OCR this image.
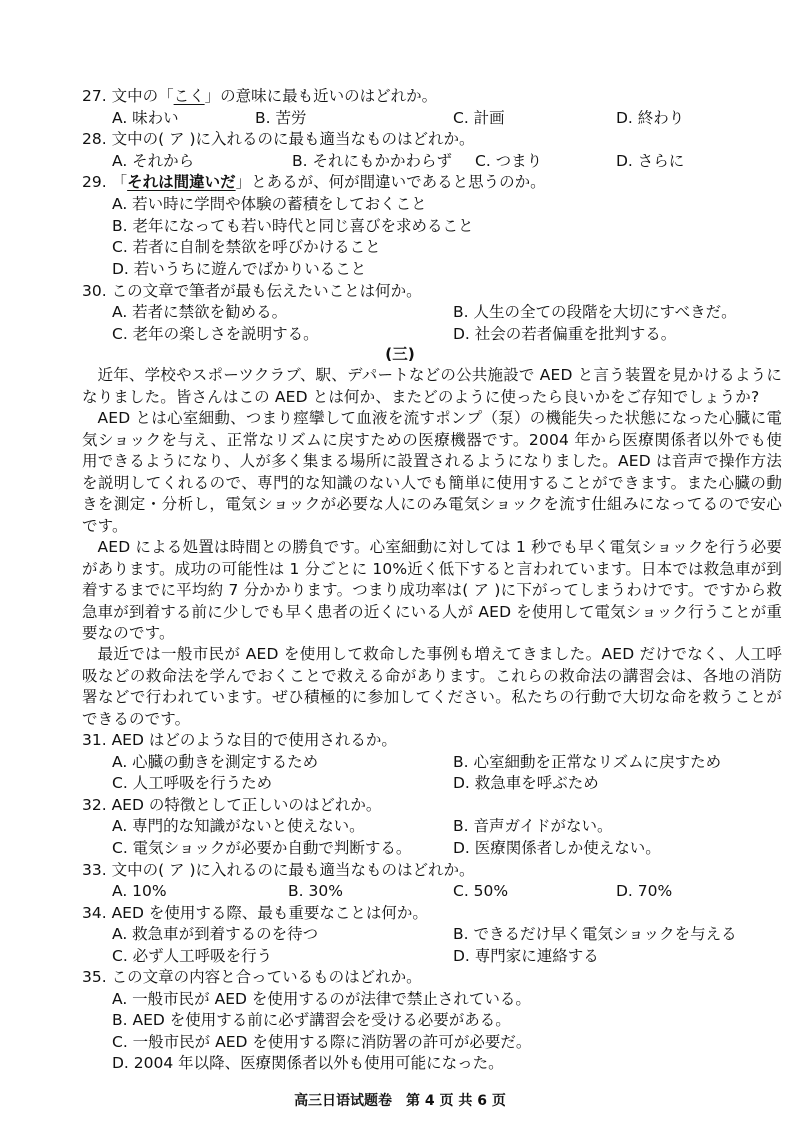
27. 文中の「こく」の意味に最も近いのはどれか。
A. 味わい	B. 苦労	C. 計画	D. 終わり
28. 文中の( ア )に入れるのに最も適当なものはどれか。
A. それから	B. それにもかかわらず C. つまり	D. さらに
29. 「それは間違いだ」とあるが、何が間違いであると思うのか。
A. 若い時に学問や体験の蓄積をしておくこと
B. 老年になっても若い時代と同じ喜びを求めること
C. 若者に自制を禁欲を呼びかけること
D. 若いうちに遊んでばかりいること
30. この文章で筆者が最も伝えたいことは何か。
A. 若者に禁欲を勧める。	B. 人生の全ての段階を大切にすべきだ。
C. 老年の楽しさを説明する。	D. 社会の若者偏重を批判する。
(三)
近年、学校やスポーツクラブ、駅、デパートなどの公共施設で AED と言う装置を見かけるようになりました。皆さんはこの AED とは何か、またどのように使ったら良いかをご存知でしょうか?
AED とは心室細動、つまり痙攣して血液を流すポンプ（泵）の機能失った状態になった心臓に電気ショックを与え、正常なリズムに戻すための医療機器です。2004 年から医療関係者以外でも使用できるようになり、人が多く集まる場所に設置されるようになりました。AED は音声で操作方法を説明してくれるので、専門的な知識のない人でも簡単に使用することができます。また心臓の動きを測定・分析し，電気ショックが必要な人にのみ電気ショックを流す仕組みになってるので安心です。
AED による処置は時間との勝負です。心室細動に対しては 1 秒でも早く電気ショックを行う必要があります。成功の可能性は 1 分ごとに 10%近く低下すると言われています。日本では救急車が到着するまでに平均約 7 分かかります。つまり成功率は( ア )に下がってしまうわけです。ですから救急車が到着する前に少しでも早く患者の近くにいる人が AED を使用して電気ショック行うことが重要なのです。
最近では一般市民が AED を使用して救命した事例も増えてきました。AED だけでなく、人工呼吸などの救命法を学んでおくことで救える命があります。これらの救命法の講習会は、各地の消防署などで行われています。ぜひ積極的に参加してください。私たちの行動で大切な命を救うことができるのです。
31. AED はどのような目的で使用されるか。
A. 心臓の動きを測定するため	B. 心室細動を正常なリズムに戻すため
C. 人工呼吸を行うため	D. 救急車を呼ぶため
32. AED の特徴として正しいのはどれか。
A. 専門的な知識がないと使えない。	B. 音声ガイドがない。
C. 電気ショックが必要か自動で判断する。	D. 医療関係者しか使えない。
33. 文中の( ア )に入れるのに最も適当なものはどれか。
A. 10%	B. 30%	C. 50%	D. 70%
34. AED を使用する際、最も重要なことは何か。
A. 救急車が到着するのを待つ	B. できるだけ早く電気ショックを与える
C. 必ず人工呼吸を行う	D. 専門家に連絡する
35. この文章の内容と合っているものはどれか。
A. 一般市民が AED を使用するのが法律で禁止されている。
B. AED を使用する前に必ず講習会を受ける必要がある。
C. 一般市民が AED を使用する際に消防署の許可が必要だ。
D. 2004 年以降、医療関係者以外も使用可能になった。
高三日语试题卷　第 4 页 共 6 页
